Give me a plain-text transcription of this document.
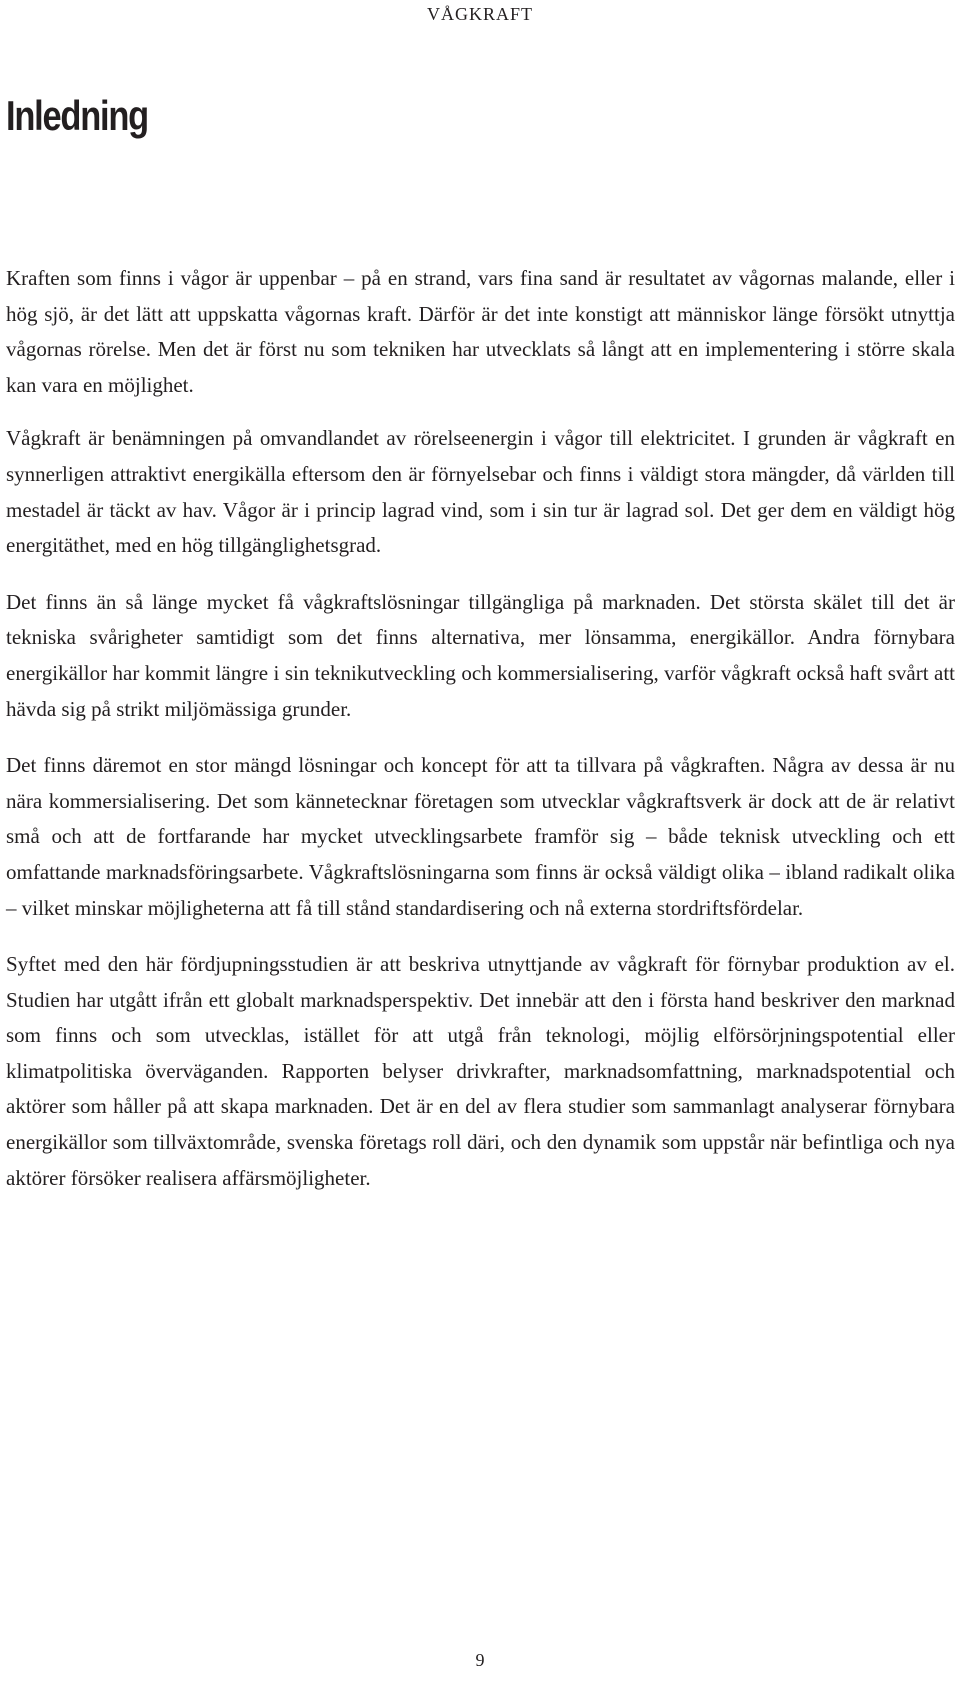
VÅGKRAFT
Inledning

Kraften som finns i vågor är uppenbar – på en strand, vars fina sand är resultatet av vågornas malande, eller i hög sjö, är det lätt att uppskatta vågornas kraft. Därför är det inte konstigt att människor länge försökt utnyttja vågornas rörelse. Men det är först nu som tekniken har utvecklats så långt att en implementering i större skala kan vara en möjlighet.

Vågkraft är benämningen på omvandlandet av rörelseenergin i vågor till elektricitet. I grunden är vågkraft en synnerligen attraktivt energikälla eftersom den är förnyelsebar och finns i väldigt stora mängder, då världen till mestadel är täckt av hav. Vågor är i princip lagrad vind, som i sin tur är lagrad sol. Det ger dem en väldigt hög energitäthet, med en hög tillgänglighetsgrad.

Det finns än så länge mycket få vågkraftslösningar tillgängliga på marknaden. Det största skälet till det är tekniska svårigheter samtidigt som det finns alternativa, mer lönsamma, energikällor. Andra förnybara energikällor har kommit längre i sin teknikutveckling och kommersialisering, varför vågkraft också haft svårt att hävda sig på strikt miljömässiga grunder.

Det finns däremot en stor mängd lösningar och koncept för att ta tillvara på vågkraften. Några av dessa är nu nära kommersialisering. Det som kännetecknar företagen som utvecklar vågkraftsverk är dock att de är relativt små och att de fortfarande har mycket utvecklingsarbete framför sig – både teknisk utveckling och ett omfattande marknadsföringsarbete. Vågkraftslösningarna som finns är också väldigt olika – ibland radikalt olika – vilket minskar möjligheterna att få till stånd standardisering och nå externa stordriftsfördelar.

Syftet med den här fördjupningsstudien är att beskriva utnyttjande av vågkraft för förnybar produktion av el. Studien har utgått ifrån ett globalt marknadsperspektiv. Det innebär att den i första hand beskriver den marknad som finns och som utvecklas, istället för att utgå från teknologi, möjlig elförsörjningspotential eller klimatpolitiska överväganden. Rapporten belyser drivkrafter, marknadsomfattning, marknadspotential och aktörer som håller på att skapa marknaden. Det är en del av flera studier som sammanlagt analyserar förnybara energikällor som tillväxtområde, svenska företags roll däri, och den dynamik som uppstår när befintliga och nya aktörer försöker realisera affärsmöjligheter.

9
